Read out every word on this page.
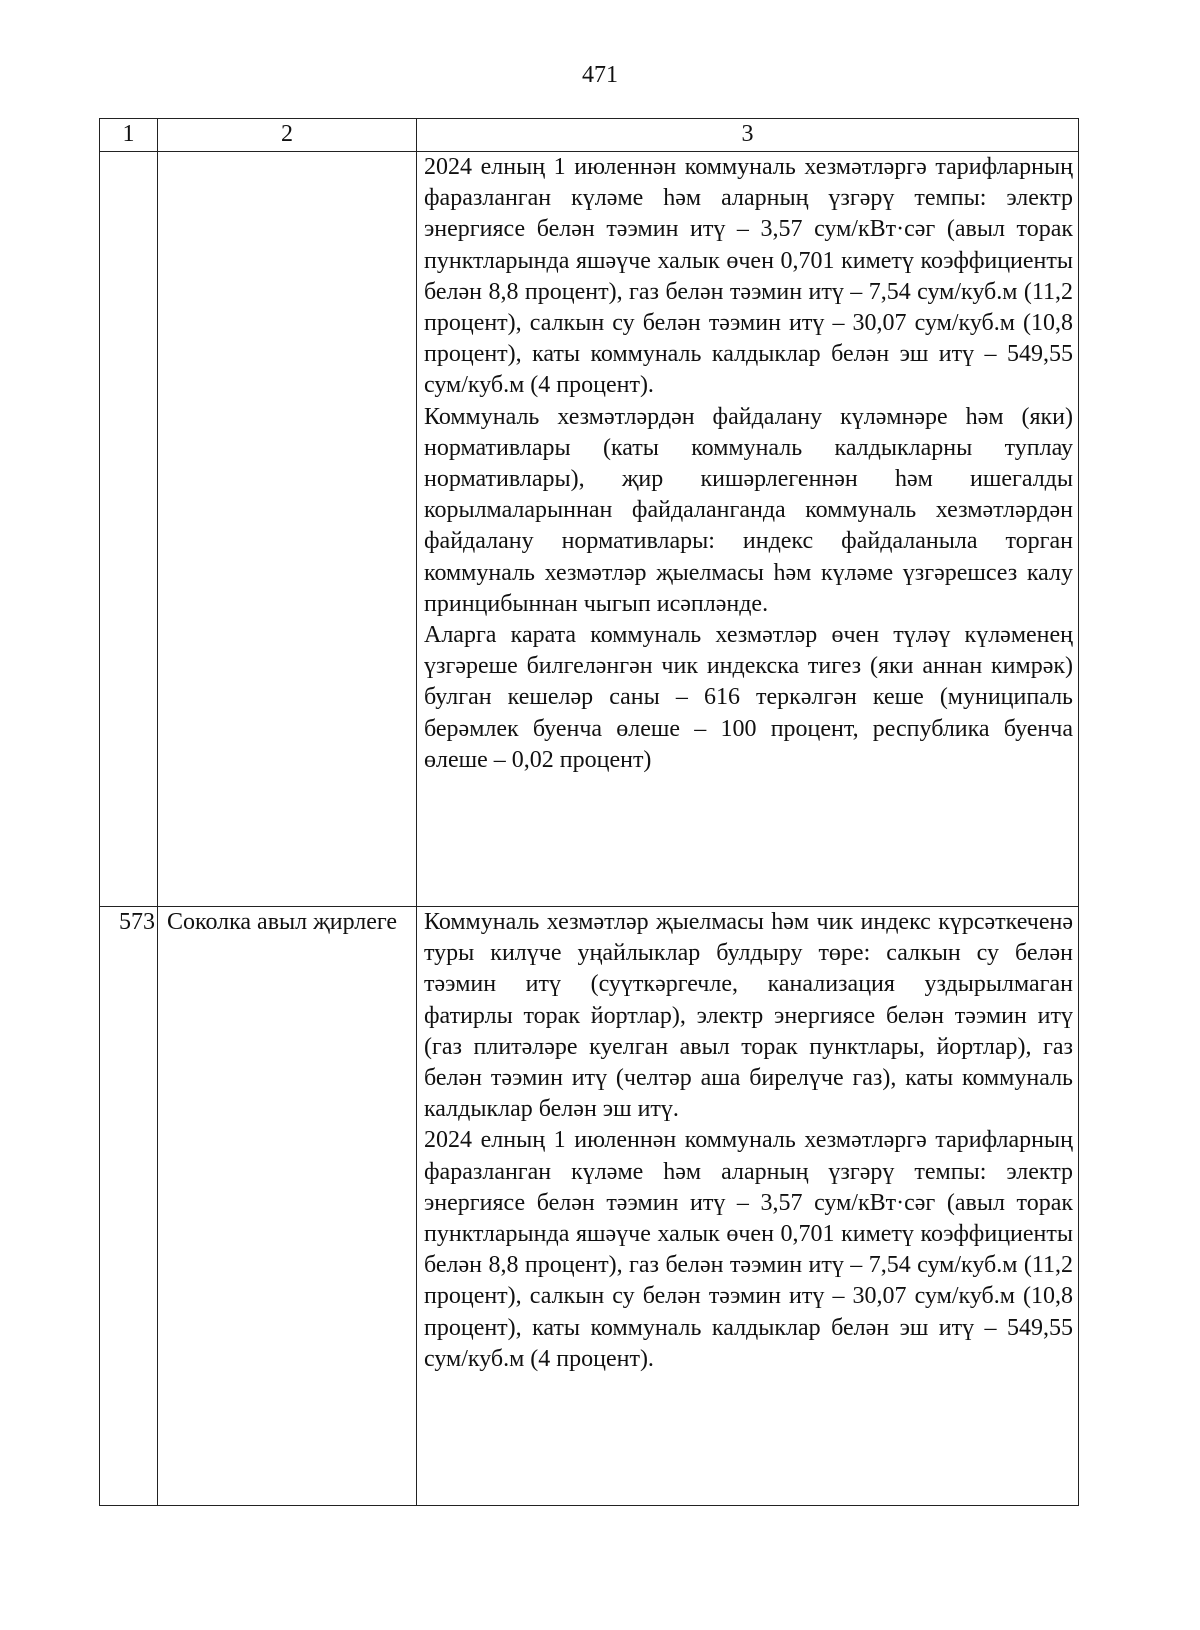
471
1	2	3

		2024 елның 1 июленнән коммуналь хезмәтләргә тарифларның фаразланган күләме һәм аларның үзгәрү темпы: электр энергиясе белән тәэмин итү – 3,57 сум/кВт·сәг (авыл торак пунктларында яшәүче халык өчен 0,701 киметү коэффициенты белән 8,8 процент), газ белән тәэмин итү – 7,54 сум/куб.м (11,2 процент), салкын су белән тәэмин итү – 30,07 сум/куб.м (10,8 процент), каты коммуналь калдыклар белән эш итү – 549,55 сум/куб.м (4 процент).

Коммуналь хезмәтләрдән файдалану күләмнәре һәм (яки) нормативлары (каты коммуналь калдыкларны туплау нормативлары), җир кишәрлегеннән һәм ишегалды корылмаларыннан файдаланганда коммуналь хезмәтләрдән файдалану нормативлары: индекс файдаланыла торган коммуналь хезмәтләр җыелмасы һәм күләме үзгәрешсез калу принцибыннан чыгып исәпләнде.

Аларга карата коммуналь хезмәтләр өчен түләү күләменең үзгәреше билгеләнгән чик индекска тигез (яки аннан кимрәк) булган кешеләр саны – 616 теркәлгән кеше (муниципаль берәмлек буенча өлеше – 100 процент, республика буенча өлеше – 0,02 процент)

573	Соколка авыл җирлеге	Коммуналь хезмәтләр җыелмасы һәм чик индекс күрсәткеченә туры килүче уңайлыклар булдыру төре: салкын су белән тәэмин итү (суүткәргечле, канализация уздырылмаган фатирлы торак йортлар), электр энергиясе белән тәэмин итү (газ плитәләре куелган авыл торак пунктлары, йортлар), газ белән тәэмин итү (челтәр аша бирелүче газ), каты коммуналь калдыклар белән эш итү.

2024 елның 1 июленнән коммуналь хезмәтләргә тарифларның фаразланган күләме һәм аларның үзгәрү темпы: электр энергиясе белән тәэмин итү – 3,57 сум/кВт·сәг (авыл торак пунктларында яшәүче халык өчен 0,701 киметү коэффициенты белән 8,8 процент), газ белән тәэмин итү – 7,54 сум/куб.м (11,2 процент), салкын су белән тәэмин итү – 30,07 сум/куб.м (10,8 процент), каты коммуналь калдыклар белән эш итү – 549,55 сум/куб.м (4 процент).
